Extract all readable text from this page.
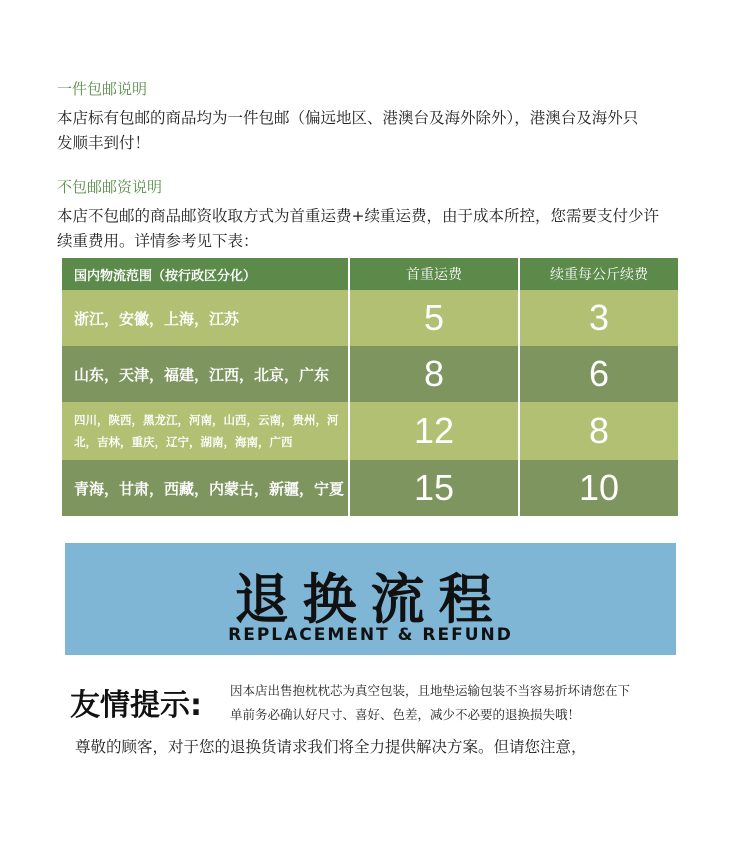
一件包邮说明
本店标有包邮的商品均为一件包邮（偏远地区、港澳台及海外除外），港澳台及海外只
发顺丰到付！
不包邮邮资说明
本店不包邮的商品邮资收取方式为首重运费+续重运费，由于成本所控，您需要支付少许
续重费用。详情参考见下表：
国内物流范围（按行政区分化）	首重运费	续重每公斤续费
浙江，安徽，上海，江苏	5	3
山东，天津，福建，江西，北京，广东	8	6
四川，陕西，黑龙江，河南，山西，云南，贵州，河
北，吉林，重庆，辽宁，湖南，海南，广西	12	8
青海，甘肃，西藏，内蒙古，新疆，宁夏	15	10
退换流程
REPLACEMENT & REFUND
友情提示: 因本店出售抱枕枕芯为真空包装，且地垫运输包装不当容易折坏请您在下
单前务必确认好尺寸、喜好、色差，减少不必要的退换损失哦！
尊敬的顾客，对于您的退换货请求我们将全力提供解决方案。但请您注意，
